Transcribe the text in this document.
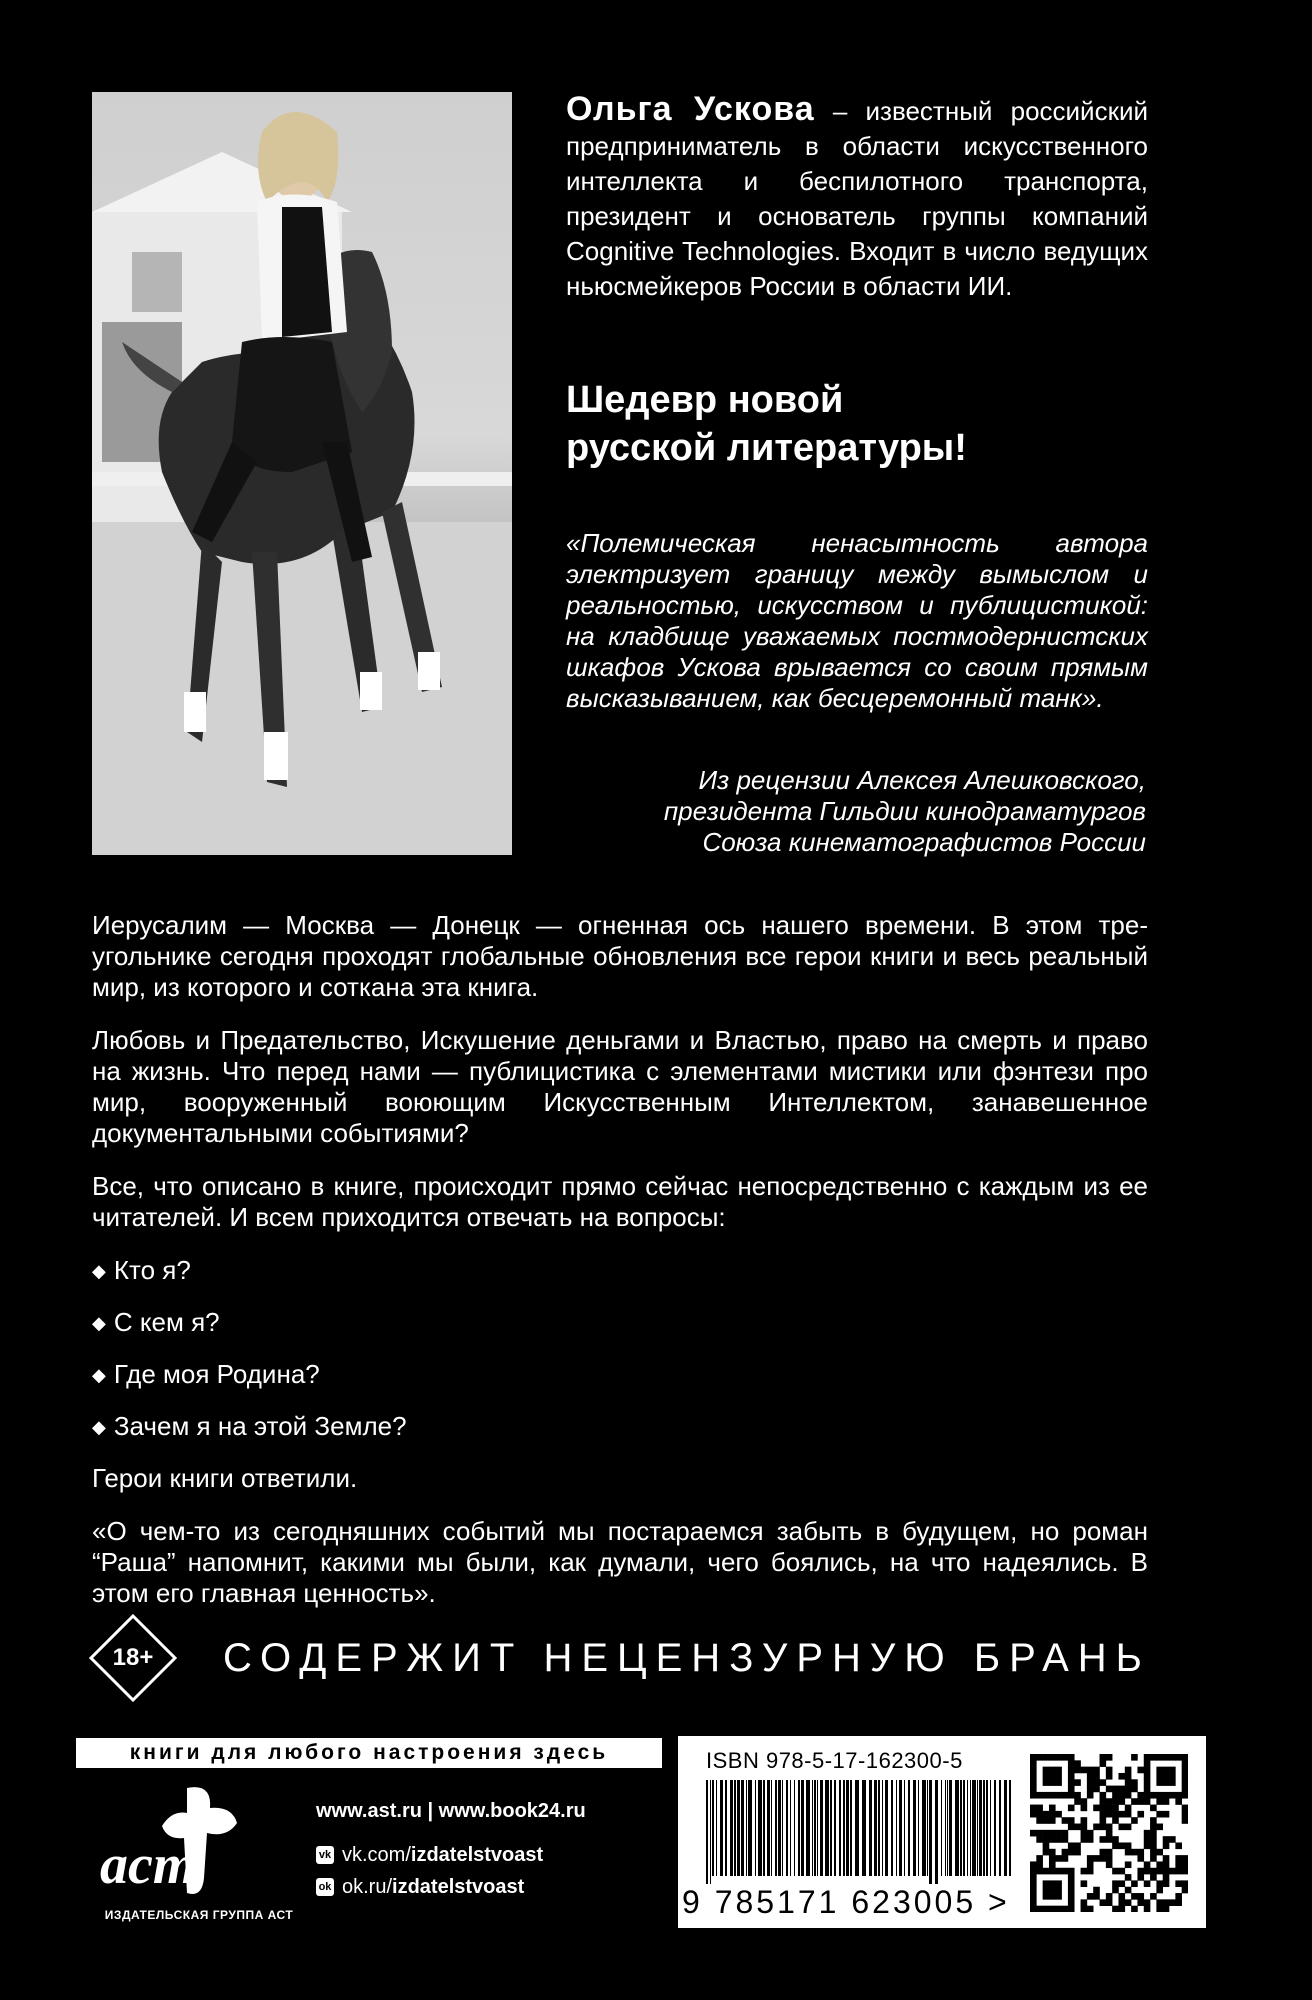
Ольга Ускова – известный российский предприниматель в области искусственного интеллекта и беспилотного транспорта, президент и основатель группы компаний Cognitive Technologies. Входит в число ведущих ньюсмейкеров России в области ИИ.
Шедевр новой
русской литературы!
«Полемическая ненасытность автора электризует границу между вымыслом и реальностью, искусством и публицистикой: на кладбище уважаемых постмодернистских шкафов Ускова врывается со своим прямым высказыванием, как бесцеремонный танк».
Из рецензии Алексея Алешковского,
президента Гильдии кинодраматургов
Союза кинематографистов России

Иерусалим — Москва — Донецк — огненная ось нашего времени. В этом треугольнике сегодня проходят глобальные обновления все герои книги и весь реальный мир, из которого и соткана эта книга.

Любовь и Предательство, Искушение деньгами и Властью, право на смерть и право на жизнь. Что перед нами — публицистика с элементами мистики или фэнтези про мир, вооруженный воюющим Искусственным Интеллектом, занавешенное документальными событиями?

Все, что описано в книге, происходит прямо сейчас непосредственно с каждым из ее читателей. И всем приходится отвечать на вопросы:

◆ Кто я?

◆ С кем я?

◆ Где моя Родина?

◆ Зачем я на этой Земле?

Герои книги ответили.

«О чем-то из сегодняшних событий мы постараемся забыть в будущем, но роман “Раша” напомнит, какими мы были, как думали, чего боялись, на что надеялись. В этом его главная ценность».

18+	СОДЕРЖИТ НЕЦЕНЗУРНУЮ БРАНЬ
книги для любого настроения здесь
аст
ИЗДАТЕЛЬСКАЯ ГРУППА АСТ
www.ast.ru | www.book24.ru
vk vk.com/ izdatelstvoast
ok ok.ru/ izdatelstvoast
ISBN 978-5-17-162300-5
9 785171 623005 >
